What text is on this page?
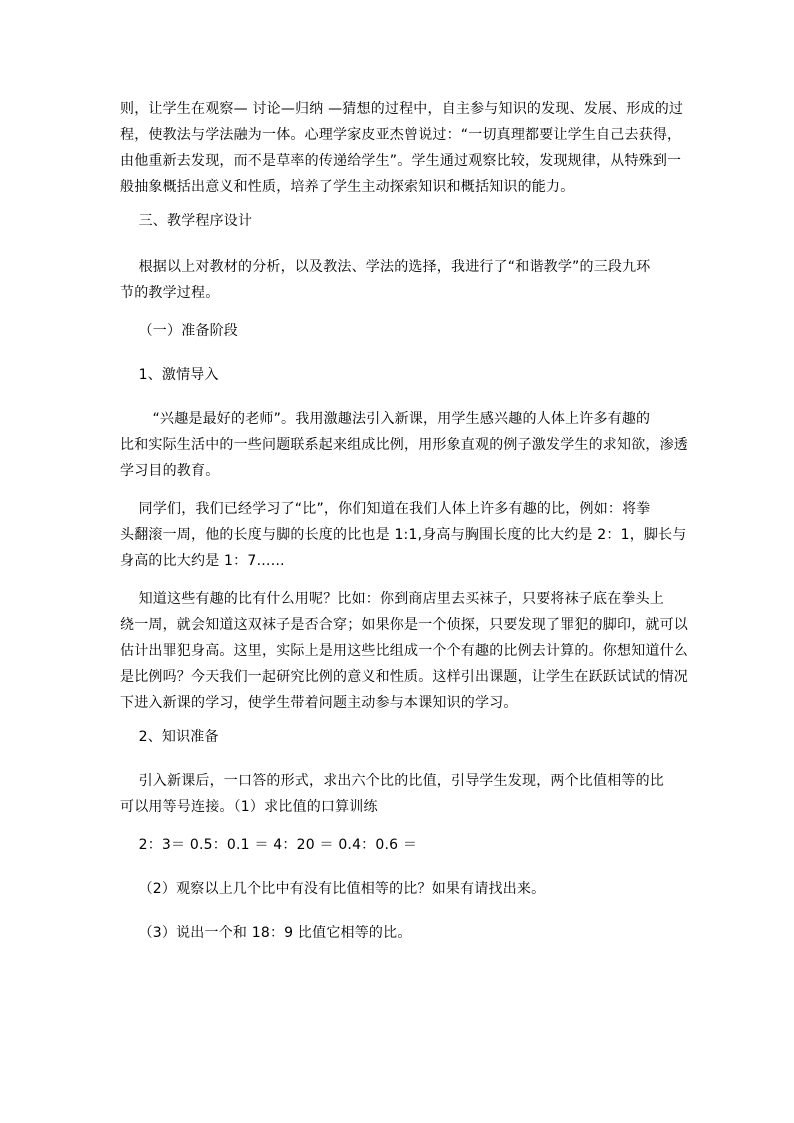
则，让学生在观察— 讨论—归纳 —猜想的过程中，自主参与知识的发现、发展、形成的过

程，使教法与学法融为一体。心理学家皮亚杰曾说过：“一切真理都要让学生自己去获得，

由他重新去发现，而不是草率的传递给学生”。学生通过观察比较，发现规律，从特殊到一

般抽象概括出意义和性质，培养了学生主动探索知识和概括知识的能力。

三、教学程序设计

根据以上对教材的分析，以及教法、学法的选择，我进行了“和谐教学”的三段九环

节的教学过程。

（一）准备阶段

1、激情导入

“兴趣是最好的老师”。我用激趣法引入新课，用学生感兴趣的人体上许多有趣的

比和实际生活中的一些问题联系起来组成比例，用形象直观的例子激发学生的求知欲，渗透

学习目的教育。

同学们，我们已经学习了“比”，你们知道在我们人体上许多有趣的比，例如：将拳

头翻滚一周，他的长度与脚的长度的比也是 1:1,身高与胸围长度的比大约是 2：1，脚长与

身高的比大约是 1：7……

知道这些有趣的比有什么用呢？比如：你到商店里去买袜子，只要将袜子底在拳头上

绕一周，就会知道这双袜子是否合穿；如果你是一个侦探，只要发现了罪犯的脚印，就可以

估计出罪犯身高。这里，实际上是用这些比组成一个个有趣的比例去计算的。你想知道什么

是比例吗？今天我们一起研究比例的意义和性质。这样引出课题，让学生在跃跃试试的情况

下进入新课的学习，使学生带着问题主动参与本课知识的学习。

2、知识准备

引入新课后，一口答的形式，求出六个比的比值，引导学生发现，两个比值相等的比

可以用等号连接。（1）求比值的口算训练

2：3＝ 0.5：0.1 ＝ 4：20 ＝ 0.4：0.6 ＝

（2）观察以上几个比中有没有比值相等的比？如果有请找出来。

（3）说出一个和 18：9 比值它相等的比。
